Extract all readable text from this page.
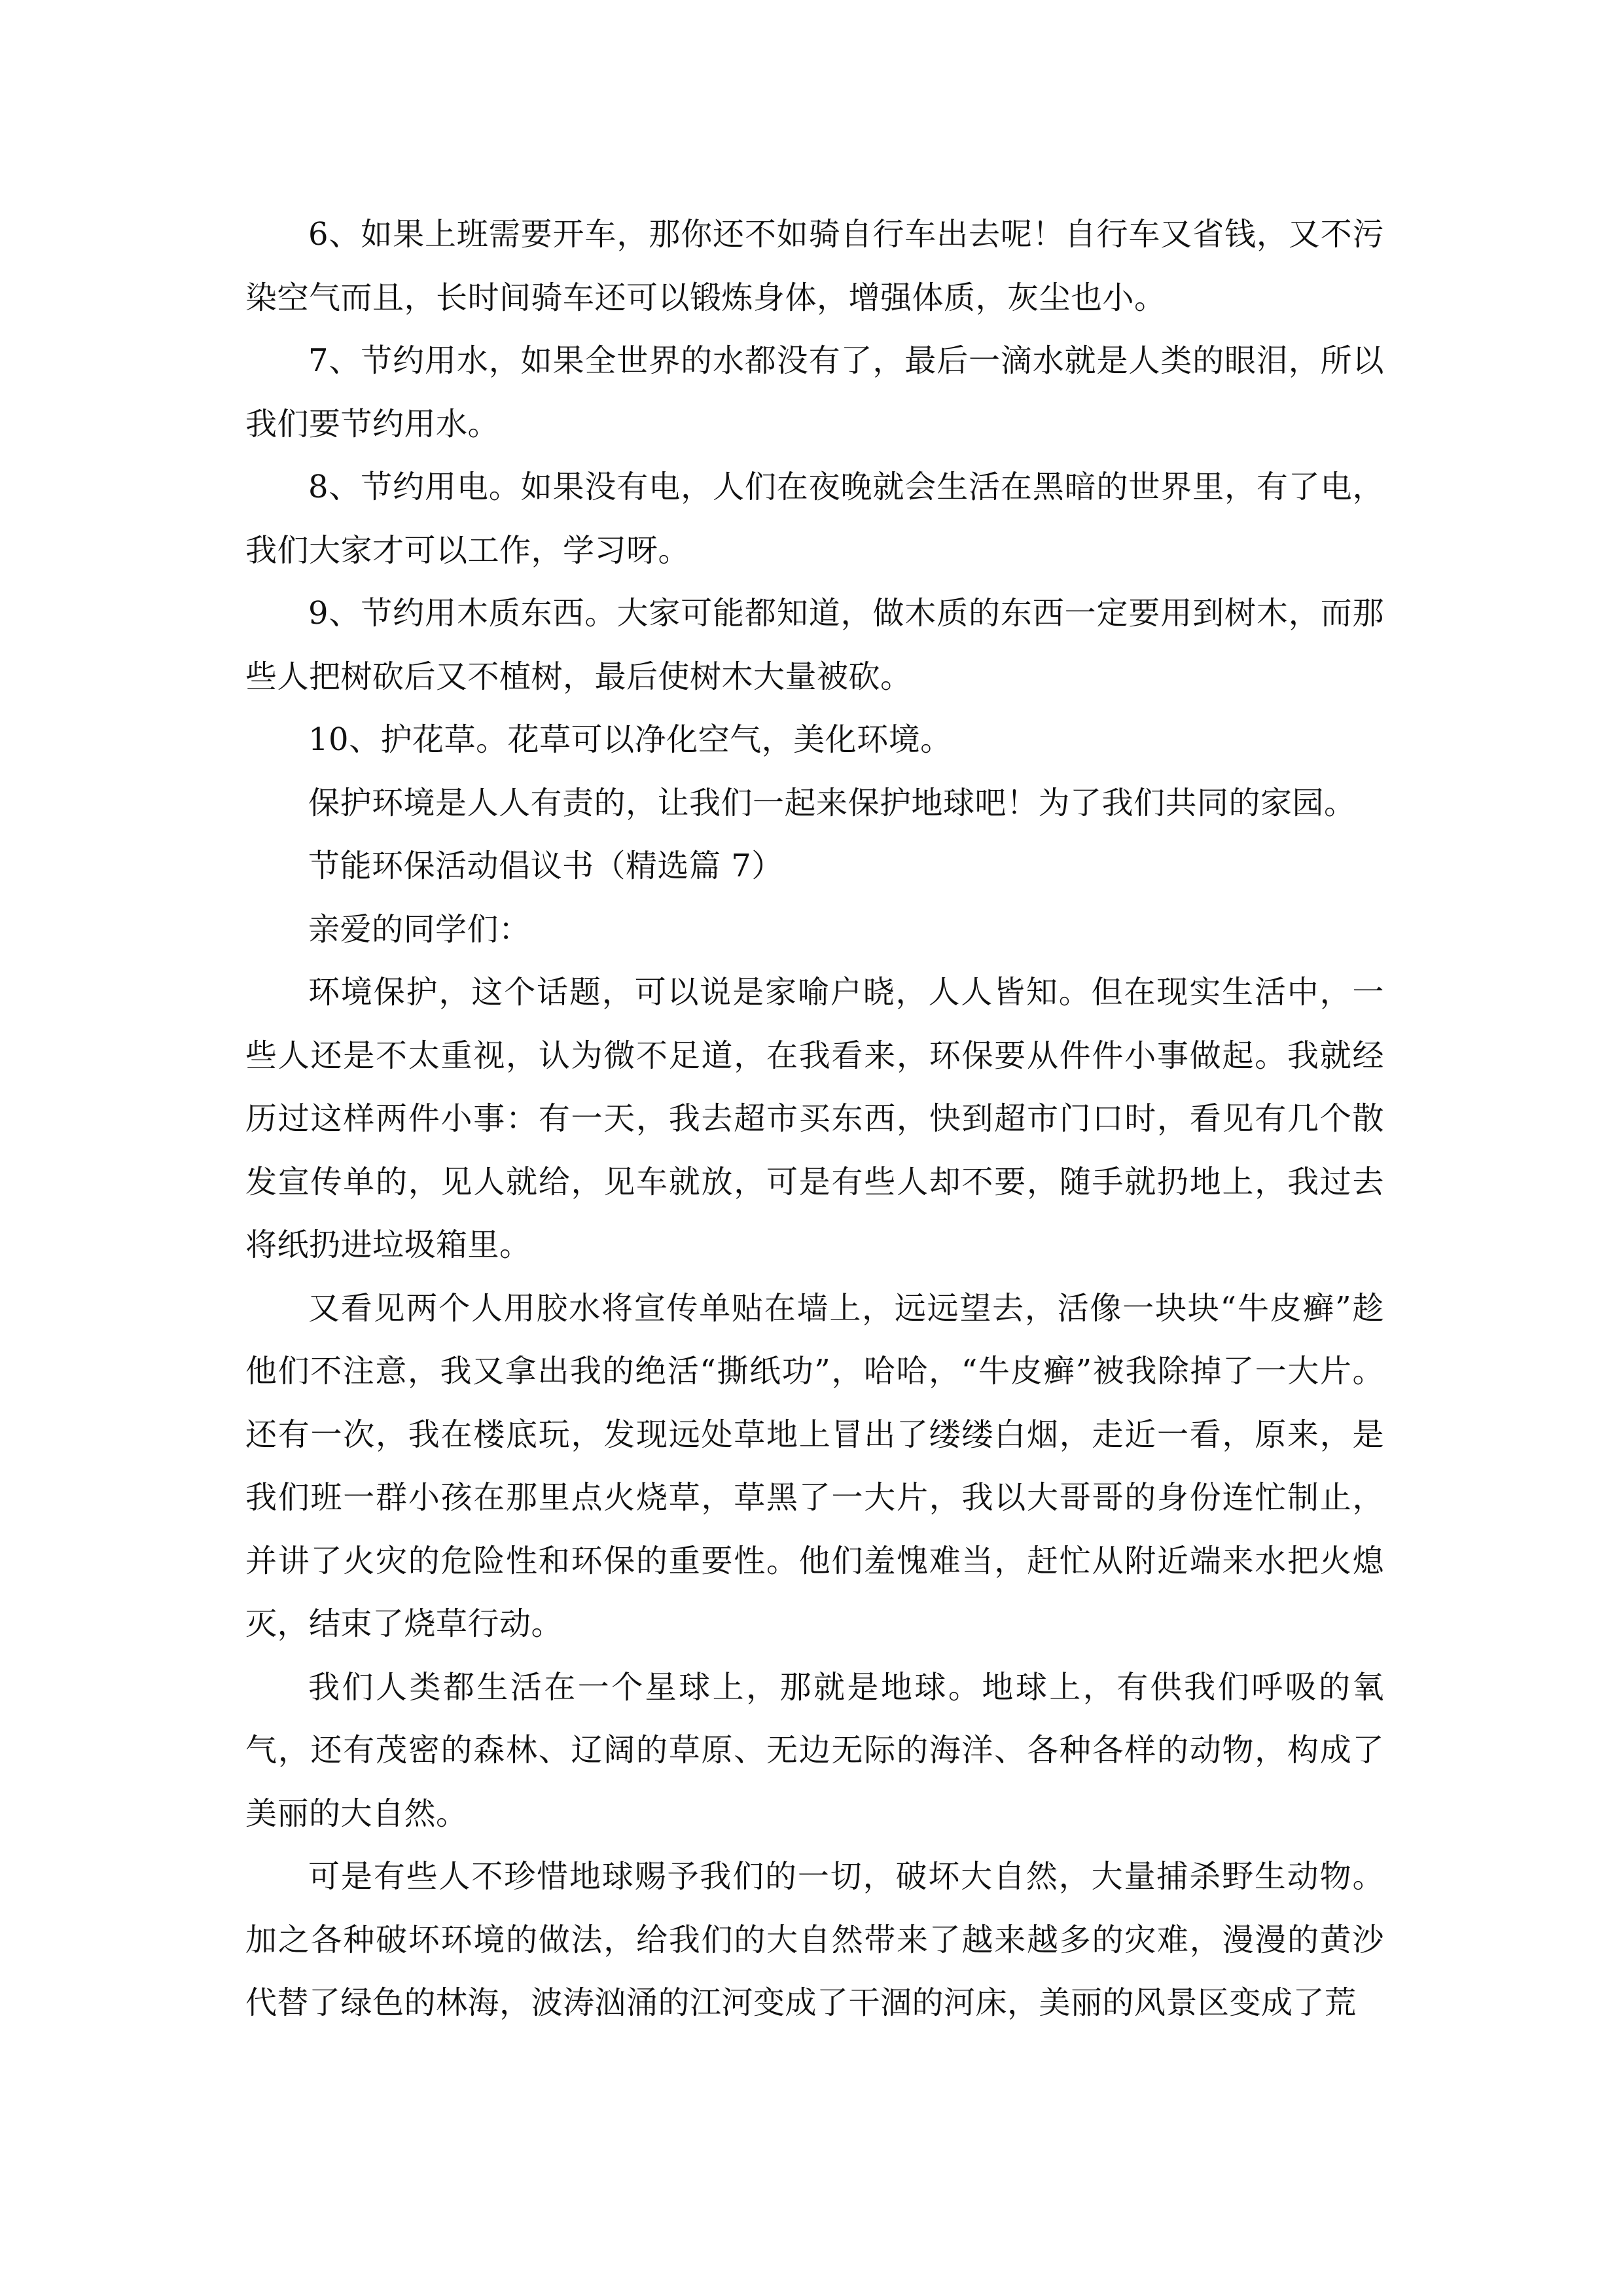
6、如果上班需要开车，那你还不如骑自行车出去呢！自行车又省钱，又不污染空气而且，长时间骑车还可以锻炼身体，增强体质，灰尘也小。

7、节约用水，如果全世界的水都没有了，最后一滴水就是人类的眼泪，所以我们要节约用水。

8、节约用电。如果没有电，人们在夜晚就会生活在黑暗的世界里，有了电，我们大家才可以工作，学习呀。

9、节约用木质东西。大家可能都知道，做木质的东西一定要用到树木，而那些人把树砍后又不植树，最后使树木大量被砍。

10、护花草。花草可以净化空气，美化环境。

保护环境是人人有责的，让我们一起来保护地球吧！为了我们共同的家园。

节能环保活动倡议书（精选篇 7）

亲爱的同学们：

环境保护，这个话题，可以说是家喻户晓，人人皆知。但在现实生活中，一些人还是不太重视，认为微不足道，在我看来，环保要从件件小事做起。我就经历过这样两件小事：有一天，我去超市买东西，快到超市门口时，看见有几个散发宣传单的，见人就给，见车就放，可是有些人却不要，随手就扔地上，我过去将纸扔进垃圾箱里。

又看见两个人用胶水将宣传单贴在墙上，远远望去，活像一块块“牛皮癣”趁他们不注意，我又拿出我的绝活“撕纸功”，哈哈，“牛皮癣”被我除掉了一大片。还有一次，我在楼底玩，发现远处草地上冒出了缕缕白烟，走近一看，原来，是我们班一群小孩在那里点火烧草，草黑了一大片，我以大哥哥的身份连忙制止，并讲了火灾的危险性和环保的重要性。他们羞愧难当，赶忙从附近端来水把火熄灭，结束了烧草行动。

我们人类都生活在一个星球上，那就是地球。地球上，有供我们呼吸的氧气，还有茂密的森林、辽阔的草原、无边无际的海洋、各种各样的动物，构成了美丽的大自然。

可是有些人不珍惜地球赐予我们的一切，破坏大自然，大量捕杀野生动物。加之各种破坏环境的做法，给我们的大自然带来了越来越多的灾难，漫漫的黄沙代替了绿色的林海，波涛汹涌的江河变成了干涸的河床，美丽的风景区变成了荒
